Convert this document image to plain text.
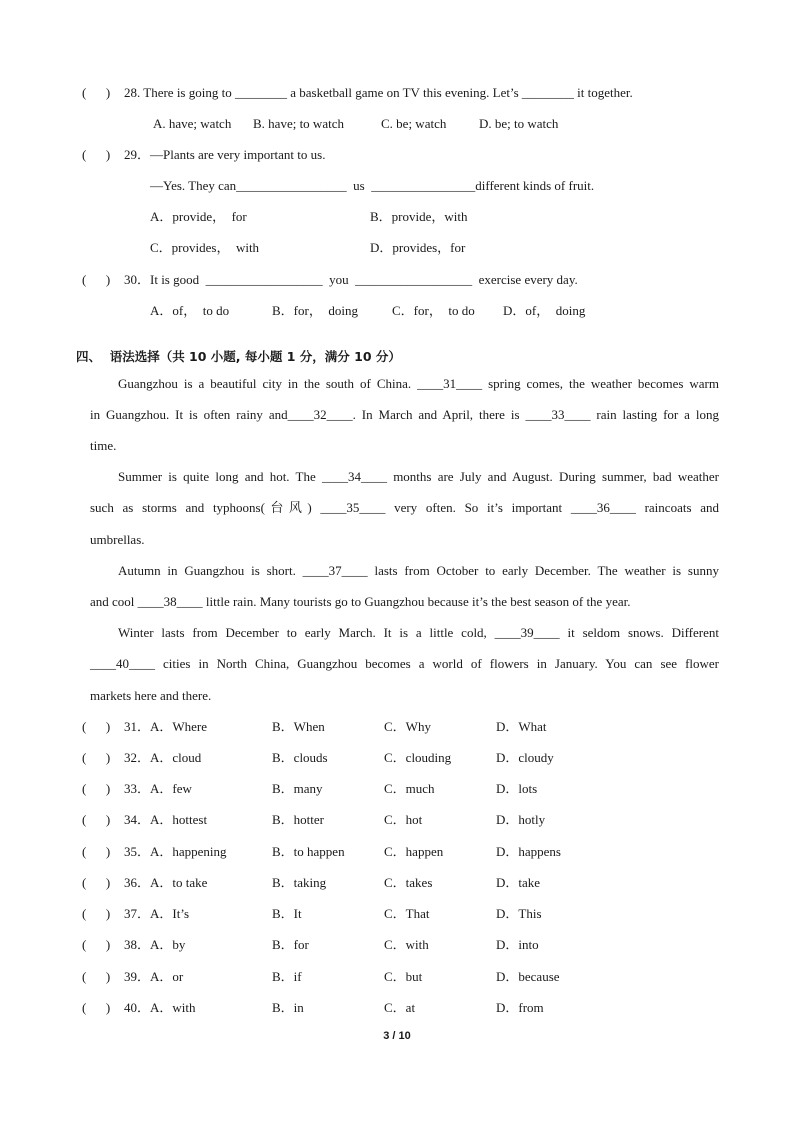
(      ) 28. There is going to ________ a basketball game on TV this evening. Let’s ________ it together.
A. have; watch B. have; to watch	C. be; watch	D. be; to watch
(      ) 29．—Plants are very important to us.
—Yes. They can_________________  us  ________________different kinds of fruit.
A．provide，  for	B．provide，with
C．provides，  with	D．provides，for
(      ) 30．It is good  __________________  you  __________________  exercise every day.
A．of，  to do	B．for，  doing	C．for，  to do D．of，  doing
四、  语法选择（共 10 小题, 每小题 1 分，满分 10 分）
Guangzhou is a beautiful city in the south of China. ____31____ spring comes, the weather becomes warm
in Guangzhou. It is often rainy and____32____. In March and April, there is ____33____ rain lasting for a long
time.
Summer is quite long and hot. The ____34____ months are July and August. During summer, bad weather
such as storms and typhoons(台风) ____35____ very often. So it’s important ____36____ raincoats and
umbrellas.
Autumn in Guangzhou is short. ____37____ lasts from October to early December. The weather is sunny
and cool ____38____ little rain. Many tourists go to Guangzhou because it’s the best season of the year.
Winter lasts from December to early March. It is a little cold, ____39____ it seldom snows. Different
____40____ cities in North China, Guangzhou becomes a world of flowers in January. You can see flower
markets here and there.
(      ) 31．A．Where	B．When	C．Why	D．What
(      ) 32．A．cloud	B．clouds	C．clouding	D．cloudy
(      ) 33．A．few	B．many	C．much	D．lots
(      ) 34．A．hottest	B．hotter	C．hot	D．hotly
(      ) 35．A．happening	B．to happen	C．happen	D．happens
(      ) 36．A．to take	B．taking	C．takes	D．take
(      ) 37．A．It’s	B．It	C．That	D．This
(      ) 38．A．by	B．for	C．with	D．into
(      ) 39．A．or	B．if	C．but	D．because
(      ) 40．A．with	B．in	C．at	D．from
3 / 10
